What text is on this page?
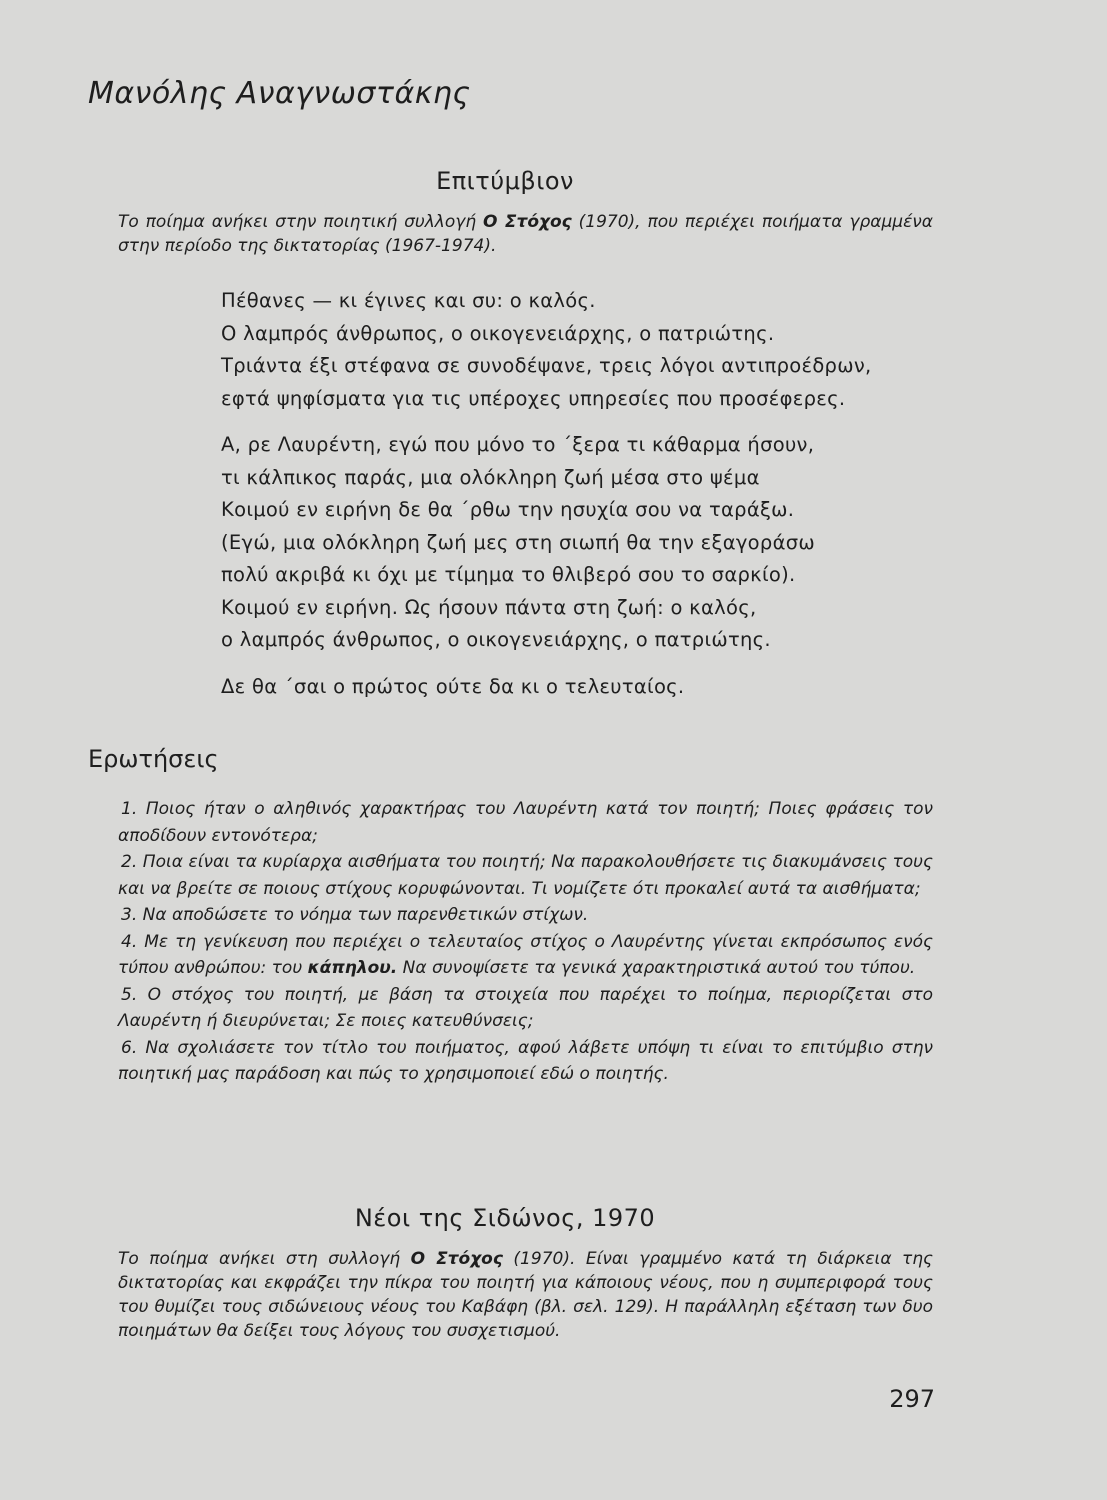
Μανόλης Αναγνωστάκης
Επιτύμβιον

Το ποίημα ανήκει στην ποιητική συλλογή Ο Στόχος (1970), που περιέχει ποιήματα γραμμένα στην περίοδο της δικτατορίας (1967-1974).

Πέθανες — κι έγινες και συ: ο καλός.
Ο λαμπρός άνθρωπος, ο οικογενειάρχης, ο πατριώτης.
Τριάντα έξι στέφανα σε συνοδέψανε, τρεις λόγοι αντιπροέδρων,
εφτά ψηφίσματα για τις υπέροχες υπηρεσίες που προσέφερες.
Α, ρε Λαυρέντη, εγώ που μόνο το ΄ξερα τι κάθαρμα ήσουν,
τι κάλπικος παράς, μια ολόκληρη ζωή μέσα στο ψέμα
Κοιμού εν ειρήνη δε θα ΄ρθω την ησυχία σου να ταράξω.
(Εγώ, μια ολόκληρη ζωή μες στη σιωπή θα την εξαγοράσω
πολύ ακριβά κι όχι με τίμημα το θλιβερό σου το σαρκίο).
Κοιμού εν ειρήνη. Ως ήσουν πάντα στη ζωή: ο καλός,
ο λαμπρός άνθρωπος, ο οικογενειάρχης, ο πατριώτης.
Δε θα ΄σαι ο πρώτος ούτε δα κι ο τελευταίος.
Ερωτήσεις

1. Ποιος ήταν ο αληθινός χαρακτήρας του Λαυρέντη κατά τον ποιητή; Ποιες φράσεις τον αποδίδουν εντονότερα;

2. Ποια είναι τα κυρίαρχα αισθήματα του ποιητή; Να παρακολουθήσετε τις διακυμάνσεις τους και να βρείτε σε ποιους στίχους κορυφώνονται. Τι νομίζετε ότι προκαλεί αυτά τα αισθήματα;

3. Να αποδώσετε το νόημα των παρενθετικών στίχων.

4. Με τη γενίκευση που περιέχει ο τελευταίος στίχος ο Λαυρέντης γίνεται εκπρόσωπος ενός τύπου ανθρώπου: του κάπηλου. Να συνοψίσετε τα γενικά χαρακτηριστικά αυτού του τύπου.

5. Ο στόχος του ποιητή, με βάση τα στοιχεία που παρέχει το ποίημα, περιορίζεται στο Λαυρέντη ή διευρύνεται; Σε ποιες κατευθύνσεις;

6. Να σχολιάσετε τον τίτλο του ποιήματος, αφού λάβετε υπόψη τι είναι το επιτύμβιο στην ποιητική μας παράδοση και πώς το χρησιμοποιεί εδώ ο ποιητής.

Νέοι της Σιδώνος, 1970

Το ποίημα ανήκει στη συλλογή Ο Στόχος (1970). Είναι γραμμένο κατά τη διάρκεια της δικτατορίας και εκφράζει την πίκρα του ποιητή για κάποιους νέους, που η συμπεριφορά τους του θυμίζει τους σιδώνειους νέους του Καβάφη (βλ. σελ. 129). Η παράλληλη εξέταση των δυο ποιημάτων θα δείξει τους λόγους του συσχετισμού.

297
